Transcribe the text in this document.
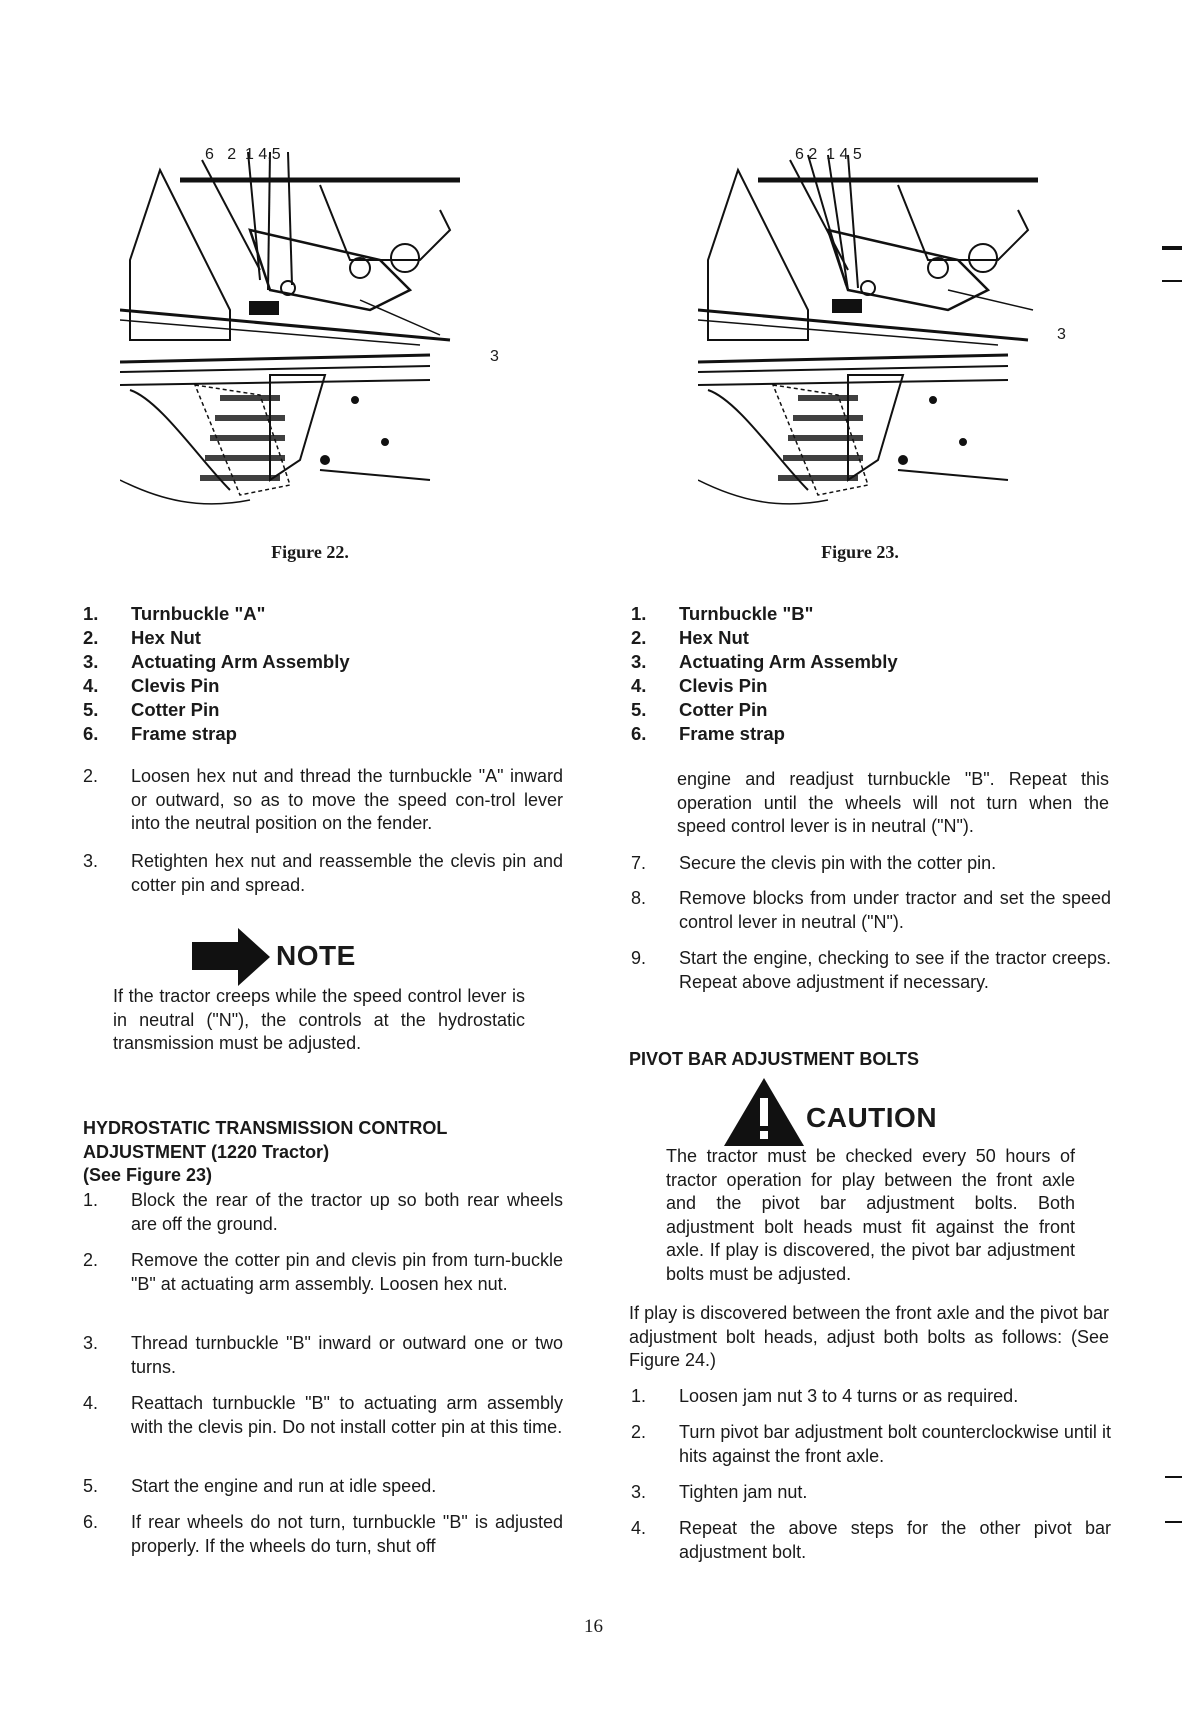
6   2  1 4,5
3
Figure 22.
6 2  1 4 5
3
Figure 23.
1.	Turnbuckle "A"
2.	Hex Nut
3.	Actuating Arm Assembly
4.	Clevis Pin
5.	Cotter Pin
6.	Frame strap
1.	Turnbuckle "B"
2.	Hex Nut
3.	Actuating Arm Assembly
4.	Clevis Pin
5.	Cotter Pin
6.	Frame strap
2.	Loosen hex nut and thread the turnbuckle "A" inward or outward, so as to move the speed con-trol lever into the neutral position on the fender.
3.	Retighten hex nut and reassemble the clevis pin and cotter pin and spread.
NOTE
If the tractor creeps while the speed control lever is in neutral ("N"), the controls at the hydrostatic transmission must be adjusted.
HYDROSTATIC TRANSMISSION CONTROL
ADJUSTMENT (1220 Tractor)
(See Figure 23)
1.	Block the rear of the tractor up so both rear wheels are off the ground.
2.	Remove the cotter pin and clevis pin from turn-buckle "B" at actuating arm assembly. Loosen hex nut.
3.	Thread turnbuckle "B" inward or outward one or two turns.
4.	Reattach turnbuckle "B" to actuating arm assembly with the clevis pin. Do not install cotter pin at this time.
5.	Start the engine and run at idle speed.
6.	If rear wheels do not turn, turnbuckle "B" is adjusted properly. If the wheels do turn, shut off
engine and readjust turnbuckle "B". Repeat this operation until the wheels will not turn when the speed control lever is in neutral ("N").
7.	Secure the clevis pin with the cotter pin.
8.	Remove blocks from under tractor and set the speed control lever in neutral ("N").
9.	Start the engine, checking to see if the tractor creeps. Repeat above adjustment if necessary.
PIVOT BAR ADJUSTMENT BOLTS
CAUTION
The tractor must be checked every 50 hours of tractor operation for play between the front axle and the pivot bar adjustment bolts. Both adjustment bolt heads must fit against the front axle. If play is discovered, the pivot bar adjustment bolts must be adjusted.
If play is discovered between the front axle and the pivot bar adjustment bolt heads, adjust both bolts as follows: (See Figure 24.)
1.	Loosen jam nut 3 to 4 turns or as required.
2.	Turn pivot bar adjustment bolt counterclockwise until it hits against the front axle.
3.	Tighten jam nut.
4.	Repeat the above steps for the other pivot bar adjustment bolt.
16
